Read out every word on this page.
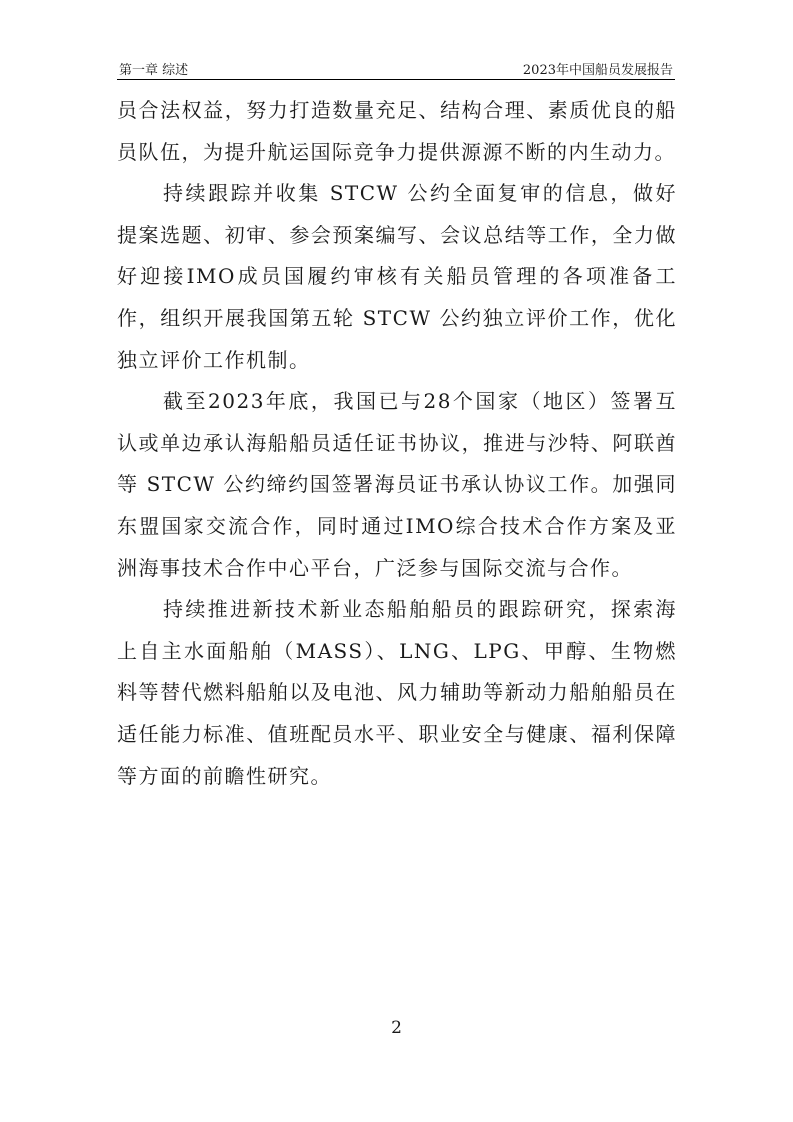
第一章 综述	2023年中国船员发展报告

员合法权益，努力打造数量充足、结构合理、素质优良的船员队伍，为提升航运国际竞争力提供源源不断的内生动力。

持续跟踪并收集 STCW 公约全面复审的信息，做好提案选题、初审、参会预案编写、会议总结等工作，全力做好迎接IMO成员国履约审核有关船员管理的各项准备工作，组织开展我国第五轮 STCW 公约独立评价工作，优化独立评价工作机制。

截至2023年底，我国已与28个国家（地区）签署互认或单边承认海船船员适任证书协议，推进与沙特、阿联酋等 STCW 公约缔约国签署海员证书承认协议工作。加强同东盟国家交流合作，同时通过IMO综合技术合作方案及亚洲海事技术合作中心平台，广泛参与国际交流与合作。

持续推进新技术新业态船舶船员的跟踪研究，探索海上自主水面船舶（MASS）、LNG、LPG、甲醇、生物燃料等替代燃料船舶以及电池、风力辅助等新动力船舶船员在适任能力标准、值班配员水平、职业安全与健康、福利保障等方面的前瞻性研究。

2
